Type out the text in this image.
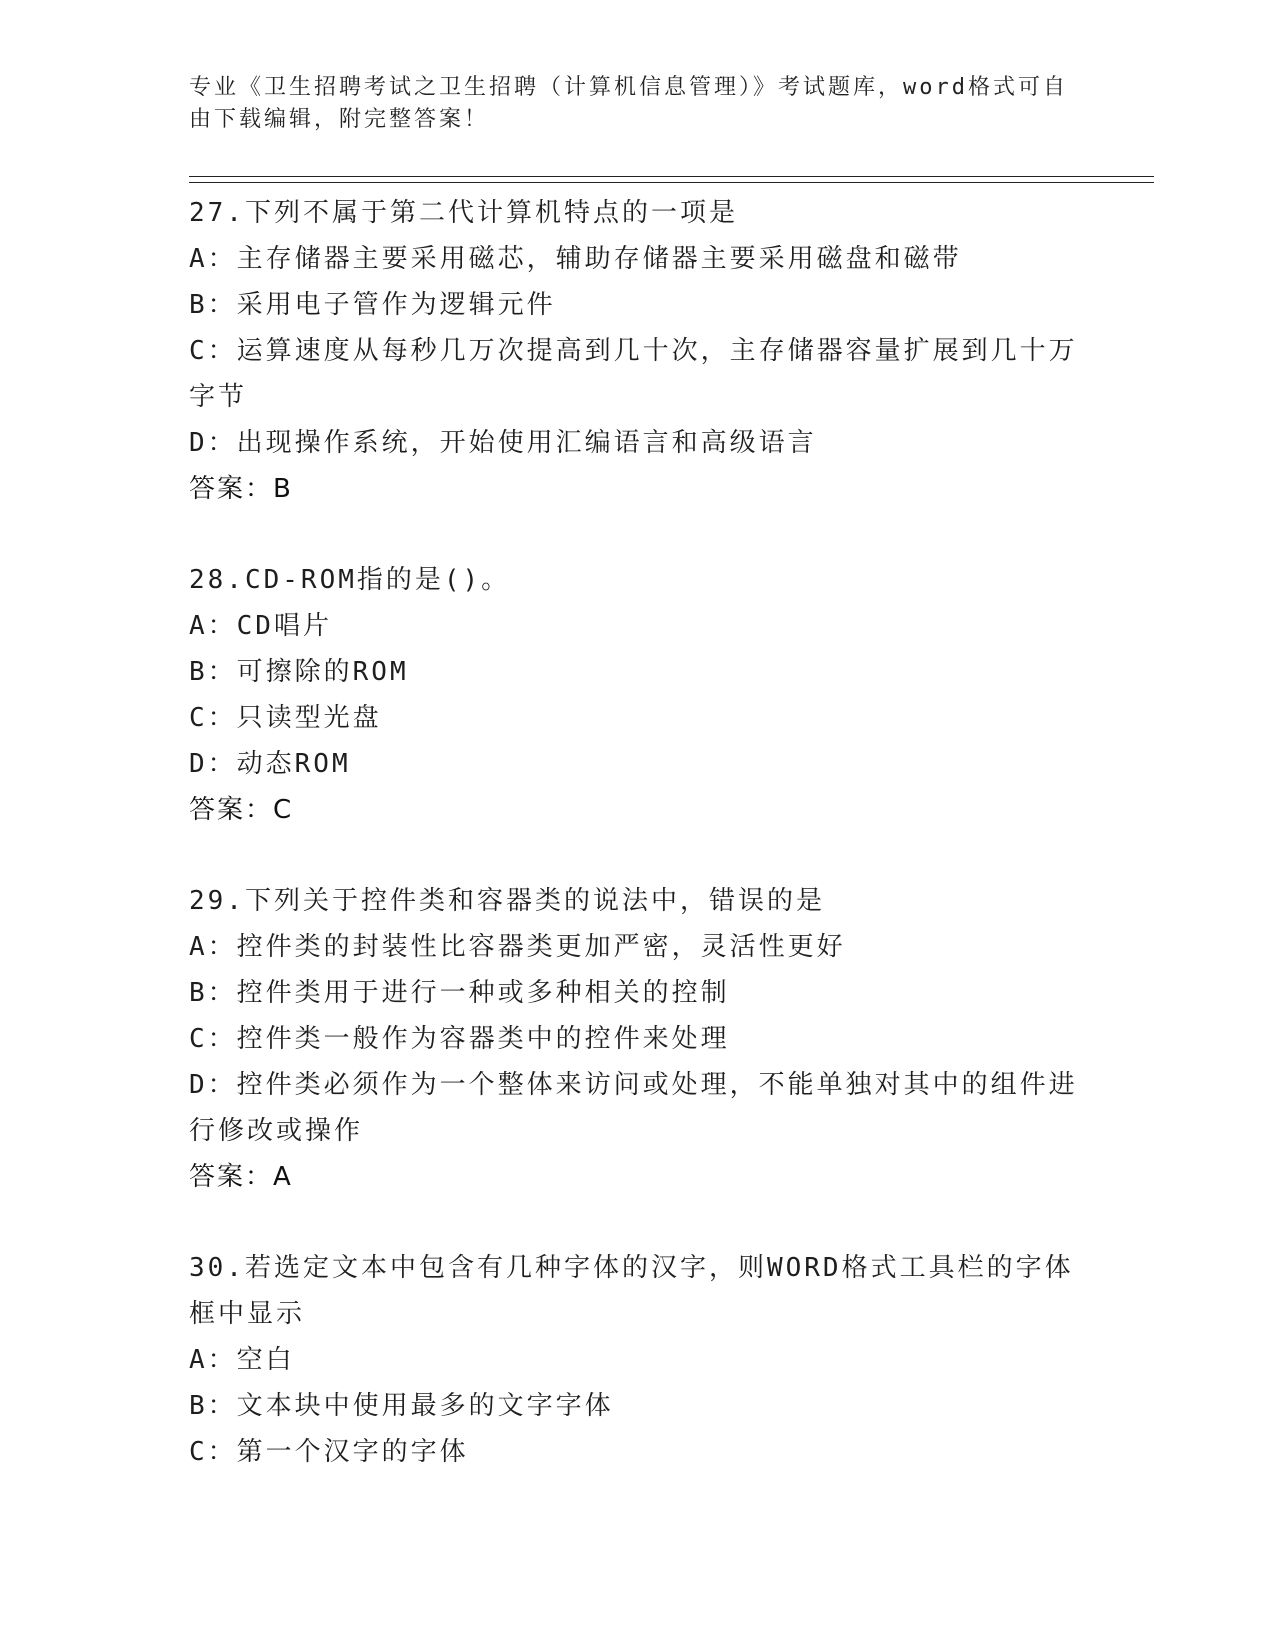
专业《卫生招聘考试之卫生招聘（计算机信息管理）》考试题库，word格式可自
由下载编辑，附完整答案！
27.下列不属于第二代计算机特点的一项是
A：主存储器主要采用磁芯，辅助存储器主要采用磁盘和磁带
B：采用电子管作为逻辑元件
C：运算速度从每秒几万次提高到几十次，主存储器容量扩展到几十万
字节
D：出现操作系统，开始使用汇编语言和高级语言
答案：B
28.CD-ROM指的是()。
A：CD唱片
B：可擦除的ROM
C：只读型光盘
D：动态ROM
答案：C
29.下列关于控件类和容器类的说法中，错误的是
A：控件类的封装性比容器类更加严密，灵活性更好
B：控件类用于进行一种或多种相关的控制
C：控件类一般作为容器类中的控件来处理
D：控件类必须作为一个整体来访问或处理，不能单独对其中的组件进
行修改或操作
答案：A
30.若选定文本中包含有几种字体的汉字，则WORD格式工具栏的字体
框中显示
A：空白
B：文本块中使用最多的文字字体
C：第一个汉字的字体
